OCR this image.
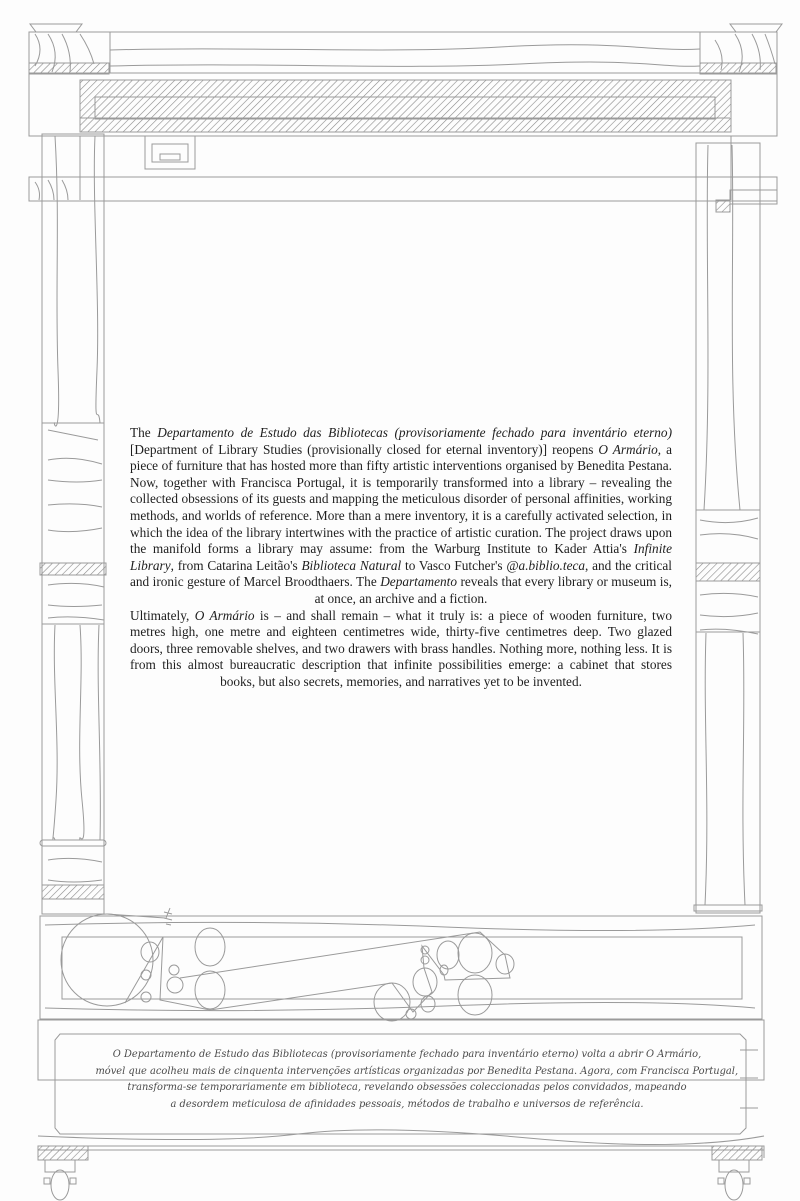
The Departamento de Estudo das Bibliotecas (provisoriamente fechado para inventário eterno) [Department of Library Studies (provisionally closed for eternal inventory)] reopens O Armário, a piece of furniture that has hosted more than fifty artistic interventions organised by Benedita Pestana. Now, together with Francisca Portugal, it is temporarily transformed into a library – revealing the collected obsessions of its guests and mapping the meticulous disorder of personal affinities, working methods, and worlds of reference. More than a mere inventory, it is a carefully activated selection, in which the idea of the library intertwines with the practice of artistic curation. The project draws upon the manifold forms a library may assume: from the Warburg Institute to Kader Attia's Infinite Library, from Catarina Leitão's Biblioteca Natural to Vasco Futcher's @a.biblio.teca, and the critical and ironic gesture of Marcel Broodthaers. The Departamento reveals that every library or museum is, at once, an archive and a fiction.

Ultimately, O Armário is – and shall remain – what it truly is: a piece of wooden furniture, two metres high, one metre and eighteen centimetres wide, thirty-five centimetres deep. Two glazed doors, three removable shelves, and two drawers with brass handles. Nothing more, nothing less. It is from this almost bureaucratic description that infinite possibilities emerge: a cabinet that stores books, but also secrets, memories, and narratives yet to be invented.

O Departamento de Estudo das Bibliotecas (provisoriamente fechado para inventário eterno) volta a abrir O Armário,
móvel que acolheu mais de cinquenta intervenções artísticas organizadas por Benedita Pestana. Agora, com Francisca Portugal,
transforma-se temporariamente em biblioteca, revelando obsessões coleccionadas pelos convidados, mapeando
a desordem meticulosa de afinidades pessoais, métodos de trabalho e universos de referência.
